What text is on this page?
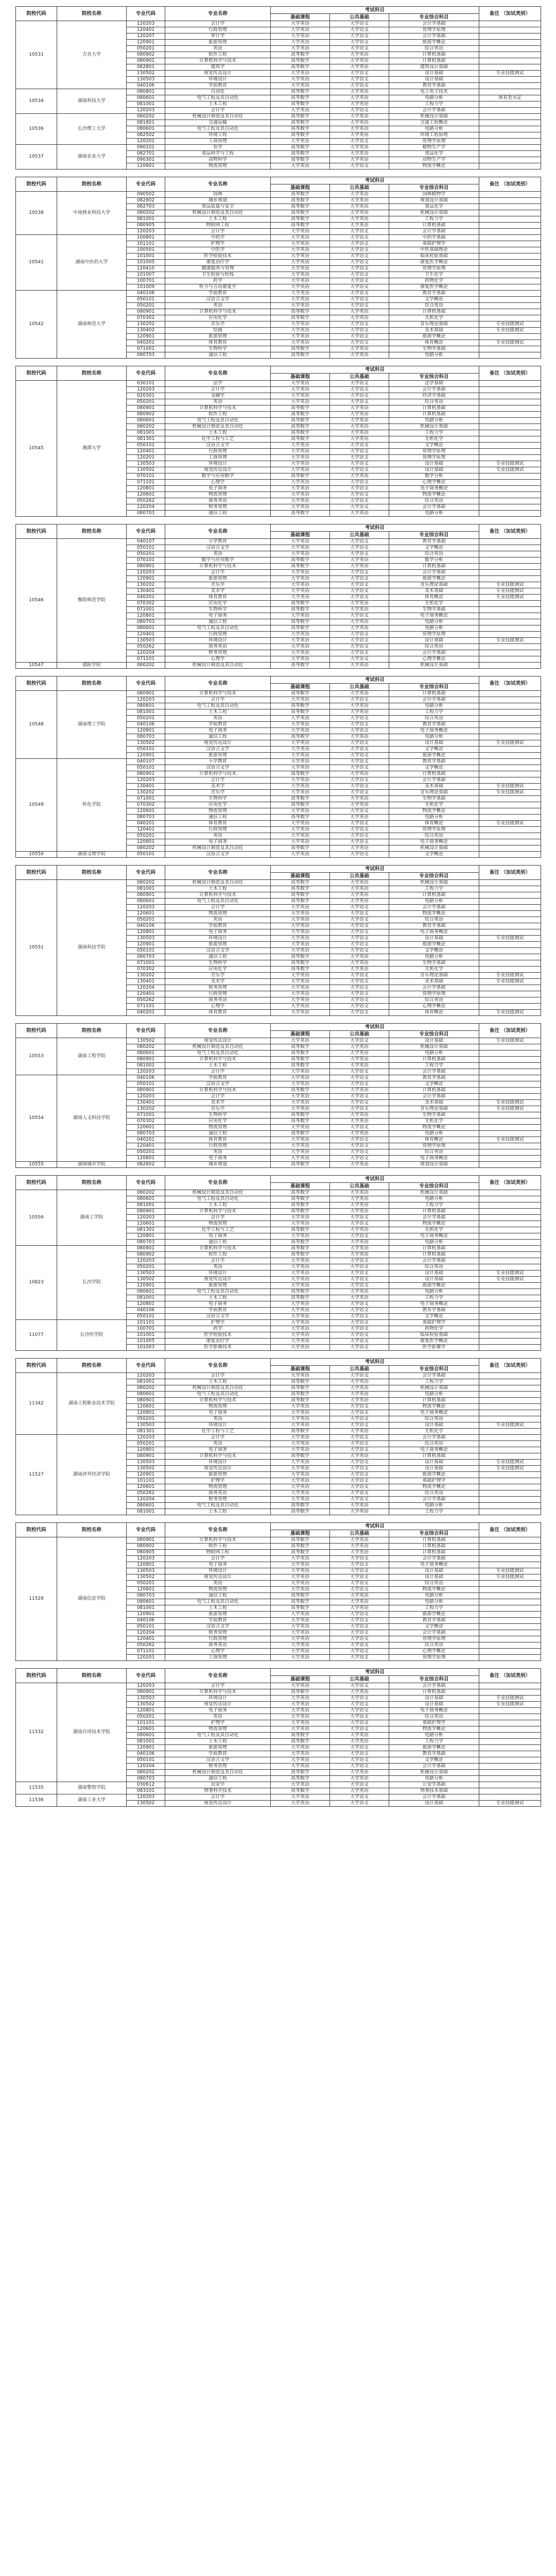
院校代码	院校名称	专业代码	专业名称	考试科目			备注 （加试类别）
				基础课程	公共基础	专业综合科目	
10531	吉首大学	120203	会计学	大学英语	大学语文	会计学基础	
		120401	行政管理	大学英语	大学语文	管理学原理	
		120207	审计学	大学英语	大学语文	会计学基础	
		120901	旅游管理	大学英语	大学语文	旅游学概论	
		050201	英语	大学英语	大学语文	综合英语	
		080902	软件工程	高等数学	大学英语	计算机基础	
		080901	计算机科学与技术	高等数学	大学英语	计算机基础	
		082801	建筑学	高等数学	大学英语	建筑设计基础	
		130502	视觉传达设计	大学英语	大学语文	设计基础	专业技能测试
		130503	环境设计	大学英语	大学语文	设计基础	
		040106	学前教育	大学英语	大学语文	教育学基础	
10534	湖南科技大学	080801	自动化	高等数学	大学英语	电工电子技术	
		080601	电气工程及其自动化	高等数学	大学英语	电路分析	体育类另定
		081001	土木工程	高等数学	大学英语	工程力学	
		120203	会计学	大学英语	大学语文	会计学基础	
10536	长沙理工大学	080202	机械设计制造及其自动化	高等数学	大学英语	机械设计基础	
		081801	交通运输	高等数学	大学英语	交通工程概论	
		080601	电气工程及其自动化	高等数学	大学英语	电路分析	
		082502	环境工程	高等数学	大学英语	环境工程原理	
		120201	工商管理	大学英语	大学语文	管理学原理	
10537	湖南农业大学	090101	农学	高等数学	大学英语	植物生产学	
		082701	食品科学与工程	高等数学	大学英语	食品化学	
		090301	动物科学	高等数学	大学英语	动物生产学	
		120601	物流管理	大学英语	大学语文	物流学概论	
院校代码	院校名称	专业代码	专业名称	考试科目			备注 （加试类别）
				基础课程	公共基础	专业综合科目	
10538	中南林业科技大学	090502	园林	高等数学	大学英语	园林植物学	
		082802	城乡规划	高等数学	大学英语	规划设计基础	
		082703	食品质量与安全	高等数学	大学英语	食品化学	
		080202	机械设计制造及其自动化	高等数学	大学英语	机械设计基础	
		081001	土木工程	高等数学	大学英语	工程力学	
		080905	物联网工程	高等数学	大学英语	计算机基础	
		120203	会计学	大学英语	大学语文	会计学基础	
10541	湖南中医药大学	100801	中药学	大学英语	大学语文	中药学基础	
		101101	护理学	大学英语	大学语文	基础护理学	
		100501	中医学	大学英语	大学语文	中医基础理论	
		101001	医学检验技术	大学英语	大学语文	临床检验基础	
		101005	康复治疗学	大学英语	大学语文	康复医学概论	
		120410	健康服务与管理	大学英语	大学语文	管理学原理	
		101007	卫生检验与检疫	大学英语	大学语文	卫生化学	
		100701	药学	大学英语	大学语文	药物化学	
		101009	听力与言语康复学	大学英语	大学语文	康复医学概论	
10542	湖南师范大学	040106	学前教育	大学英语	大学语文	教育学基础	
		050101	汉语言文学	大学英语	大学语文	文学概论	
		050201	英语	大学英语	大学语文	综合英语	
		080901	计算机科学与技术	高等数学	大学英语	计算机基础	
		070302	应用化学	高等数学	大学英语	无机化学	
		130202	音乐学	大学英语	大学语文	音乐理论基础	专业技能测试
		130402	绘画	大学英语	大学语文	美术基础	专业技能测试
		120901	旅游管理	大学英语	大学语文	旅游学概论	
		040201	体育教育	大学英语	大学语文	体育概论	专业技能测试
		071001	生物科学	高等数学	大学英语	生物学基础	
		080703	通信工程	高等数学	大学英语	电路分析	
院校代码	院校名称	专业代码	专业名称	考试科目			备注 （加试类别）
				基础课程	公共基础	专业综合科目	
10545	湘潭大学	030101	法学	大学英语	大学语文	法学基础	
		120203	会计学	大学英语	大学语文	会计学基础	
		020301	金融学	大学英语	大学语文	经济学基础	
		050201	英语	大学英语	大学语文	综合英语	
		080901	计算机科学与技术	高等数学	大学英语	计算机基础	
		080902	软件工程	高等数学	大学英语	计算机基础	
		080601	电气工程及其自动化	高等数学	大学英语	电路分析	
		080202	机械设计制造及其自动化	高等数学	大学英语	机械设计基础	
		081001	土木工程	高等数学	大学英语	工程力学	
		081301	化学工程与工艺	高等数学	大学英语	无机化学	
		050101	汉语言文学	大学英语	大学语文	文学概论	
		120401	行政管理	大学英语	大学语文	管理学原理	
		120201	工商管理	大学英语	大学语文	管理学原理	
		130503	环境设计	大学英语	大学语文	设计基础	专业技能测试
		130502	视觉传达设计	大学英语	大学语文	设计基础	专业技能测试
		070101	数学与应用数学	高等数学	大学英语	数学分析	
		071101	心理学	大学英语	大学语文	心理学概论	
		120801	电子商务	大学英语	大学语文	电子商务概论	
		120601	物流管理	大学英语	大学语文	物流学概论	
		050262	商务英语	大学英语	大学语文	综合英语	
		120204	财务管理	大学英语	大学语文	会计学基础	
		080703	通信工程	高等数学	大学英语	电路分析	
院校代码	院校名称	专业代码	专业名称	考试科目			备注 （加试类别）
				基础课程	公共基础	专业综合科目	
10546	衡阳师范学院	040107	小学教育	大学英语	大学语文	教育学基础	
		050101	汉语言文学	大学英语	大学语文	文学概论	
		050201	英语	大学英语	大学语文	综合英语	
		070101	数学与应用数学	高等数学	大学英语	数学分析	
		080901	计算机科学与技术	高等数学	大学英语	计算机基础	
		120203	会计学	大学英语	大学语文	会计学基础	
		120901	旅游管理	大学英语	大学语文	旅游学概论	
		130202	音乐学	大学英语	大学语文	音乐理论基础	专业技能测试
		130401	美术学	大学英语	大学语文	美术基础	专业技能测试
		040201	体育教育	大学英语	大学语文	体育概论	专业技能测试
		070302	应用化学	高等数学	大学英语	无机化学	
		071001	生物科学	高等数学	大学英语	生物学基础	
		120801	电子商务	大学英语	大学语文	电子商务概论	
		080703	通信工程	高等数学	大学英语	电路分析	
		080601	电气工程及其自动化	高等数学	大学英语	电路分析	
		120401	行政管理	大学英语	大学语文	管理学原理	
		130503	环境设计	大学英语	大学语文	设计基础	专业技能测试
		050262	商务英语	大学英语	大学语文	综合英语	
		120204	财务管理	大学英语	大学语文	会计学基础	
		071101	心理学	大学英语	大学语文	心理学概论	
10547	邵阳学院	080202	机械设计制造及其自动化	高等数学	大学英语	机械设计基础	
院校代码	院校名称	专业代码	专业名称	考试科目			备注 （加试类别）
				基础课程	公共基础	专业综合科目	
10548	湖南理工学院	080901	计算机科学与技术	高等数学	大学英语	计算机基础	
		120203	会计学	大学英语	大学语文	会计学基础	
		080601	电气工程及其自动化	高等数学	大学英语	电路分析	
		081001	土木工程	高等数学	大学英语	工程力学	
		050201	英语	大学英语	大学语文	综合英语	
		040106	学前教育	大学英语	大学语文	教育学基础	
		120801	电子商务	大学英语	大学语文	电子商务概论	
		080703	通信工程	高等数学	大学英语	电路分析	
		130502	视觉传达设计	大学英语	大学语文	设计基础	专业技能测试
		050101	汉语言文学	大学英语	大学语文	文学概论	
		120901	旅游管理	大学英语	大学语文	旅游学概论	
10549	怀化学院	040107	小学教育	大学英语	大学语文	教育学基础	
		050101	汉语言文学	大学英语	大学语文	文学概论	
		080901	计算机科学与技术	高等数学	大学英语	计算机基础	
		120203	会计学	大学英语	大学语文	会计学基础	
		130401	美术学	大学英语	大学语文	美术基础	专业技能测试
		130202	音乐学	大学英语	大学语文	音乐理论基础	专业技能测试
		071001	生物科学	高等数学	大学英语	生物学基础	
		070302	应用化学	高等数学	大学英语	无机化学	
		120601	物流管理	大学英语	大学语文	物流学概论	
		080703	通信工程	高等数学	大学英语	电路分析	
		040201	体育教育	大学英语	大学语文	体育概论	专业技能测试
		120401	行政管理	大学英语	大学语文	管理学原理	
		050201	英语	大学英语	大学语文	综合英语	
		120801	电子商务	大学英语	大学语文	电子商务概论	
		080202	机械设计制造及其自动化	高等数学	大学英语	机械设计基础	
10550	湖南文理学院	050101	汉语言文学	大学英语	大学语文	文学概论	
院校代码	院校名称	专业代码	专业名称	考试科目			备注 （加试类别）
				基础课程	公共基础	专业综合科目	
10551	湖南科技学院	080202	机械设计制造及其自动化	高等数学	大学英语	机械设计基础	
		081001	土木工程	高等数学	大学英语	工程力学	
		080901	计算机科学与技术	高等数学	大学英语	计算机基础	
		080601	电气工程及其自动化	高等数学	大学英语	电路分析	
		120203	会计学	大学英语	大学语文	会计学基础	
		120601	物流管理	大学英语	大学语文	物流学概论	
		050201	英语	大学英语	大学语文	综合英语	
		040106	学前教育	大学英语	大学语文	教育学基础	
		120801	电子商务	大学英语	大学语文	电子商务概论	
		130503	环境设计	大学英语	大学语文	设计基础	专业技能测试
		120901	旅游管理	大学英语	大学语文	旅游学概论	
		050101	汉语言文学	大学英语	大学语文	文学概论	
		080703	通信工程	高等数学	大学英语	电路分析	
		071001	生物科学	高等数学	大学英语	生物学基础	
		070302	应用化学	高等数学	大学英语	无机化学	
		130202	音乐学	大学英语	大学语文	音乐理论基础	专业技能测试
		130401	美术学	大学英语	大学语文	美术基础	专业技能测试
		120204	财务管理	大学英语	大学语文	会计学基础	
		120401	行政管理	大学英语	大学语文	管理学原理	
		050262	商务英语	大学英语	大学语文	综合英语	
		071101	心理学	大学英语	大学语文	心理学概论	
		040201	体育教育	大学英语	大学语文	体育概论	专业技能测试
院校代码	院校名称	专业代码	专业名称	考试科目			备注 （加试类别）
				基础课程	公共基础	专业综合科目	
10553	湖南工程学院	130502	视觉传达设计	大学英语	大学语文	设计基础	专业技能测试
		080202	机械设计制造及其自动化	高等数学	大学英语	机械设计基础	
		080601	电气工程及其自动化	高等数学	大学英语	电路分析	
		080901	计算机科学与技术	高等数学	大学英语	计算机基础	
		081001	土木工程	高等数学	大学英语	工程力学	
		120203	会计学	大学英语	大学语文	会计学基础	
10554	湖南人文科技学院	040106	学前教育	大学英语	大学语文	教育学基础	
		050101	汉语言文学	大学英语	大学语文	文学概论	
		080901	计算机科学与技术	高等数学	大学英语	计算机基础	
		120203	会计学	大学英语	大学语文	会计学基础	
		130401	美术学	大学英语	大学语文	美术基础	专业技能测试
		130202	音乐学	大学英语	大学语文	音乐理论基础	专业技能测试
		071001	生物科学	高等数学	大学英语	生物学基础	
		070302	应用化学	高等数学	大学英语	无机化学	
		120601	物流管理	大学英语	大学语文	物流学概论	
		080703	通信工程	高等数学	大学英语	电路分析	
		040201	体育教育	大学英语	大学语文	体育概论	专业技能测试
		120401	行政管理	大学英语	大学语文	管理学原理	
		050201	英语	大学英语	大学语文	综合英语	
		120801	电子商务	大学英语	大学语文	电子商务概论	
10555	湖南城市学院	082802	城乡规划	高等数学	大学英语	规划设计基础	
院校代码	院校名称	专业代码	专业名称	考试科目			备注 （加试类别）
				基础课程	公共基础	专业综合科目	
10556	湖南工学院	080202	机械设计制造及其自动化	高等数学	大学英语	机械设计基础	
		080601	电气工程及其自动化	高等数学	大学英语	电路分析	
		081001	土木工程	高等数学	大学英语	工程力学	
		080901	计算机科学与技术	高等数学	大学英语	计算机基础	
		120203	会计学	大学英语	大学语文	会计学基础	
		120601	物流管理	大学英语	大学语文	物流学概论	
		081301	化学工程与工艺	高等数学	大学英语	无机化学	
		120801	电子商务	大学英语	大学语文	电子商务概论	
		080703	通信工程	高等数学	大学英语	电路分析	
10823	长沙学院	080901	计算机科学与技术	高等数学	大学英语	计算机基础	
		080902	软件工程	高等数学	大学英语	计算机基础	
		120203	会计学	大学英语	大学语文	会计学基础	
		050201	英语	大学英语	大学语文	综合英语	
		130503	环境设计	大学英语	大学语文	设计基础	专业技能测试
		130502	视觉传达设计	大学英语	大学语文	设计基础	专业技能测试
		120901	旅游管理	大学英语	大学语文	旅游学概论	
		080601	电气工程及其自动化	高等数学	大学英语	电路分析	
		081001	土木工程	高等数学	大学英语	工程力学	
		120801	电子商务	大学英语	大学语文	电子商务概论	
		040106	学前教育	大学英语	大学语文	教育学基础	
		050101	汉语言文学	大学英语	大学语文	文学概论	
11077	长沙医学院	101101	护理学	大学英语	大学语文	基础护理学	
		100701	药学	大学英语	大学语文	药物化学	
		101001	医学检验技术	大学英语	大学语文	临床检验基础	
		101005	康复治疗学	大学英语	大学语文	康复医学概论	
		101003	医学影像技术	大学英语	大学语文	医学影像学	
院校代码	院校名称	专业代码	专业名称	考试科目			备注 （加试类别）
				基础课程	公共基础	专业综合科目	
11342	湖南工程职业技术学院	120203	会计学	大学英语	大学语文	会计学基础	
		081001	土木工程	高等数学	大学英语	工程力学	
		080202	机械设计制造及其自动化	高等数学	大学英语	机械设计基础	
		080601	电气工程及其自动化	高等数学	大学英语	电路分析	
		080901	计算机科学与技术	高等数学	大学英语	计算机基础	
		120601	物流管理	大学英语	大学语文	物流学概论	
		120801	电子商务	大学英语	大学语文	电子商务概论	
		050201	英语	大学英语	大学语文	综合英语	
		130503	环境设计	大学英语	大学语文	设计基础	专业技能测试
		081301	化学工程与工艺	高等数学	大学英语	无机化学	
11527	湖南涉外经济学院	120203	会计学	大学英语	大学语文	会计学基础	
		050201	英语	大学英语	大学语文	综合英语	
		120801	电子商务	大学英语	大学语文	电子商务概论	
		080901	计算机科学与技术	高等数学	大学英语	计算机基础	
		130503	环境设计	大学英语	大学语文	设计基础	专业技能测试
		130502	视觉传达设计	大学英语	大学语文	设计基础	专业技能测试
		120901	旅游管理	大学英语	大学语文	旅游学概论	
		101101	护理学	大学英语	大学语文	基础护理学	
		120601	物流管理	大学英语	大学语文	物流学概论	
		050262	商务英语	大学英语	大学语文	综合英语	
		120204	财务管理	大学英语	大学语文	会计学基础	
		080601	电气工程及其自动化	高等数学	大学英语	电路分析	
		081001	土木工程	高等数学	大学英语	工程力学	
院校代码	院校名称	专业代码	专业名称	考试科目			备注 （加试类别）
				基础课程	公共基础	专业综合科目	
11528	湖南信息学院	080901	计算机科学与技术	高等数学	大学英语	计算机基础	
		080902	软件工程	高等数学	大学英语	计算机基础	
		080905	物联网工程	高等数学	大学英语	计算机基础	
		120203	会计学	大学英语	大学语文	会计学基础	
		120801	电子商务	大学英语	大学语文	电子商务概论	
		130503	环境设计	大学英语	大学语文	设计基础	专业技能测试
		130502	视觉传达设计	大学英语	大学语文	设计基础	专业技能测试
		050201	英语	大学英语	大学语文	综合英语	
		120601	物流管理	大学英语	大学语文	物流学概论	
		080703	通信工程	高等数学	大学英语	电路分析	
		080601	电气工程及其自动化	高等数学	大学英语	电路分析	
		081001	土木工程	高等数学	大学英语	工程力学	
		120901	旅游管理	大学英语	大学语文	旅游学概论	
		040106	学前教育	大学英语	大学语文	教育学基础	
		050101	汉语言文学	大学英语	大学语文	文学概论	
		120204	财务管理	大学英语	大学语文	会计学基础	
		120401	行政管理	大学英语	大学语文	管理学原理	
		050262	商务英语	大学英语	大学语文	综合英语	
		071101	心理学	大学英语	大学语文	心理学概论	
		120201	工商管理	大学英语	大学语文	管理学原理	
院校代码	院校名称	专业代码	专业名称	考试科目			备注 （加试类别）
				基础课程	公共基础	专业综合科目	
11532	湖南应用技术学院	120203	会计学	大学英语	大学语文	会计学基础	
		080901	计算机科学与技术	高等数学	大学英语	计算机基础	
		130503	环境设计	大学英语	大学语文	设计基础	专业技能测试
		130502	视觉传达设计	大学英语	大学语文	设计基础	专业技能测试
		120801	电子商务	大学英语	大学语文	电子商务概论	
		050201	英语	大学英语	大学语文	综合英语	
		101101	护理学	大学英语	大学语文	基础护理学	
		120601	物流管理	大学英语	大学语文	物流学概论	
		080601	电气工程及其自动化	高等数学	大学英语	电路分析	
		081001	土木工程	高等数学	大学英语	工程力学	
		120901	旅游管理	大学英语	大学语文	旅游学概论	
		040106	学前教育	大学英语	大学语文	教育学基础	
		050101	汉语言文学	大学英语	大学语文	文学概论	
		120204	财务管理	大学英语	大学语文	会计学基础	
		080202	机械设计制造及其自动化	高等数学	大学英语	机械设计基础	
		080703	通信工程	高等数学	大学英语	电路分析	
11535	湖南警察学院	030612	治安学	大学英语	大学语文	公安学基础	
		083101	刑事科学技术	高等数学	大学英语	刑事技术基础	
11536	湖南工业大学	120203	会计学	大学英语	大学语文	会计学基础	
		130502	视觉传达设计	大学英语	大学语文	设计基础	专业技能测试
